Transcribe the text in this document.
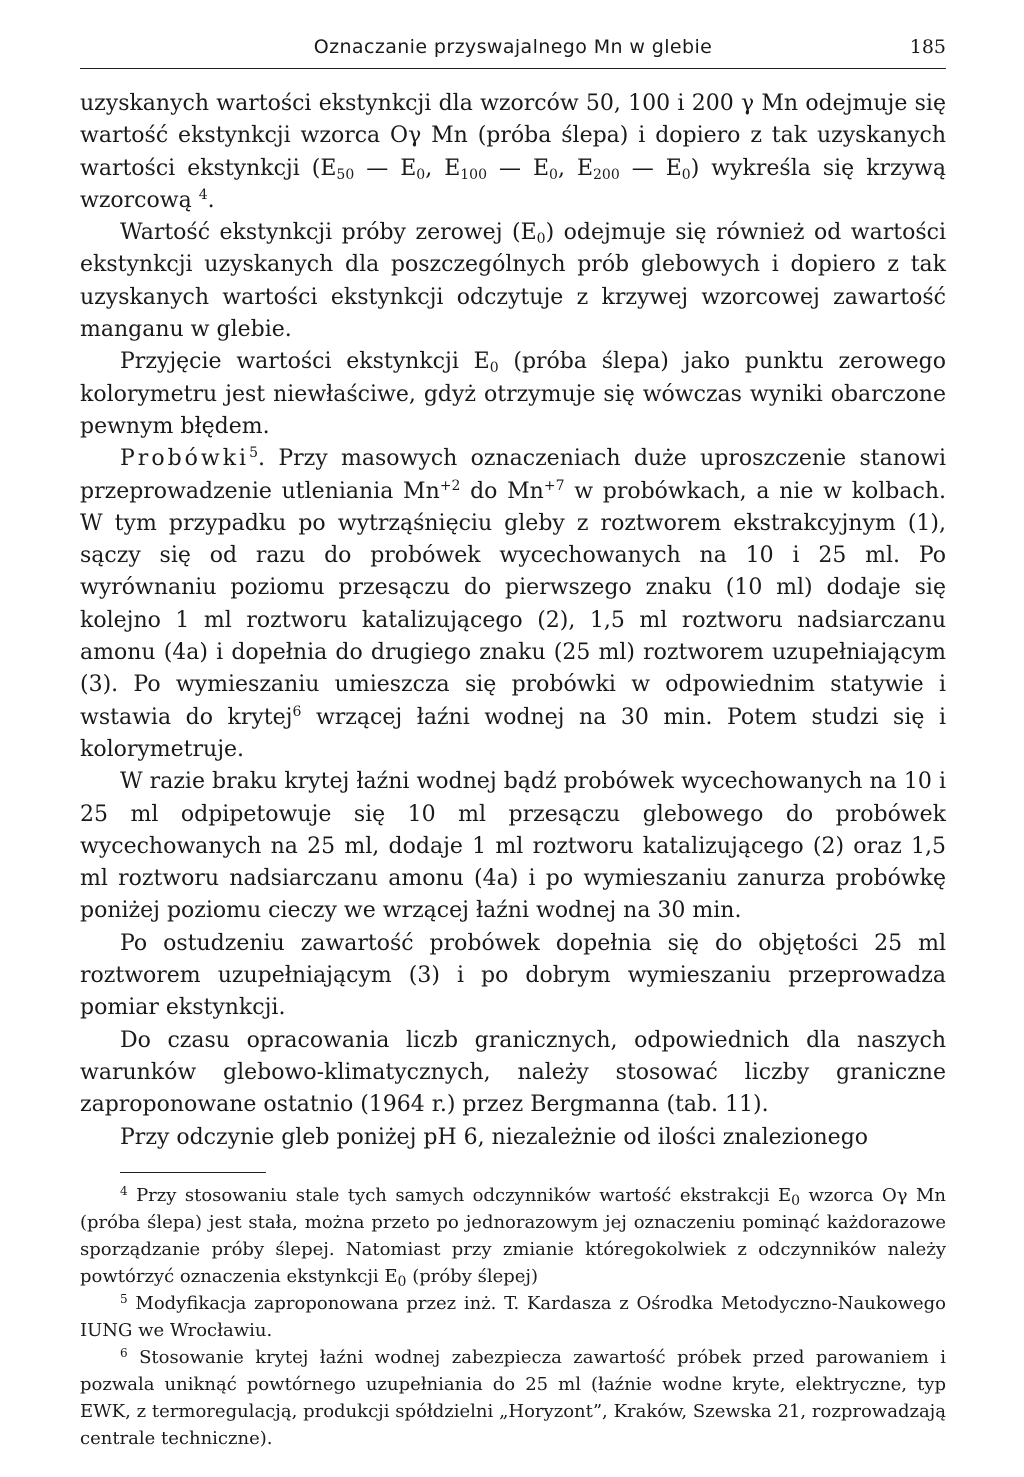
Oznaczanie przyswajalnego Mn w glebie	185

uzyskanych wartości ekstynkcji dla wzorców 50, 100 i 200 γ Mn odejmuje się wartość ekstynkcji wzorca Oγ Mn (próba ślepa) i dopiero z tak uzyskanych wartości ekstynkcji ($E_{50}$ — $E_0$, $E_{100}$ — $E_0$, $E_{200}$ — $E_0$) wykreśla się krzywą wzorcową $^4$.

Wartość ekstynkcji próby zerowej $(E_0)$ odejmuje się również od wartości ekstynkcji uzyskanych dla poszczególnych prób glebowych i dopiero z tak uzyskanych wartości ekstynkcji odczytuje z krzywej wzorcowej zawartość manganu w glebie.

Przyjęcie wartości ekstynkcji $E_0$ (próba ślepa) jako punktu zerowego kolorymetru jest niewłaściwe, gdyż otrzymuje się wówczas wyniki obarczone pewnym błędem.

Probówki$^5$. Przy masowych oznaczeniach duże uproszczenie stanowi przeprowadzenie utleniania $Mn^{+2}$ do $Mn^{+7}$ w probówkach, a nie w kolbach. W tym przypadku po wytrząśnięciu gleby z roztworem ekstrakcyjnym (1), sączy się od razu do probówek wycechowanych na 10 i 25 ml. Po wyrównaniu poziomu przesączu do pierwszego znaku (10 ml) dodaje się kolejno 1 ml roztworu katalizującego (2), 1,5 ml roztworu nadsiarczanu amonu (4a) i dopełnia do drugiego znaku (25 ml) roztworem uzupełniającym (3). Po wymieszaniu umieszcza się probówki w odpowiednim statywie i wstawia do krytej$^6$ wrzącej łaźni wodnej na 30 min. Potem studzi się i kolorymetruje.

W razie braku krytej łaźni wodnej bądź probówek wycechowanych na 10 i 25 ml odpipetowuje się 10 ml przesączu glebowego do probówek wycechowanych na 25 ml, dodaje 1 ml roztworu katalizującego (2) oraz 1,5 ml roztworu nadsiarczanu amonu (4a) i po wymieszaniu zanurza probówkę poniżej poziomu cieczy we wrzącej łaźni wodnej na 30 min.

Po ostudzeniu zawartość probówek dopełnia się do objętości 25 ml roztworem uzupełniającym (3) i po dobrym wymieszaniu przeprowadza pomiar ekstynkcji.

Do czasu opracowania liczb granicznych, odpowiednich dla naszych warunków glebowo-klimatycznych, należy stosować liczby graniczne zaproponowane ostatnio (1964 r.) przez Bergmanna (tab. 11).

Przy odczynie gleb poniżej pH 6, niezależnie od ilości znalezionego

$^4$ Przy stosowaniu stale tych samych odczynników wartość ekstrakcji $E_0$ wzorca Oγ Mn (próba ślepa) jest stała, można przeto po jednorazowym jej oznaczeniu pominąć każdorazowe sporządzanie próby ślepej. Natomiast przy zmianie któregokolwiek z odczynników należy powtórzyć oznaczenia ekstynkcji $E_0$ (próby ślepej)

$^5$ Modyfikacja zaproponowana przez inż. T. Kardasza z Ośrodka Metodyczno-Naukowego IUNG we Wrocławiu.

$^6$ Stosowanie krytej łaźni wodnej zabezpiecza zawartość próbek przed parowaniem i pozwala uniknąć powtórnego uzupełniania do 25 ml (łaźnie wodne kryte, elektryczne, typ EWK, z termoregulacją, produkcji spółdzielni „Horyzont”, Kraków, Szewska 21, rozprowadzają centrale techniczne).
